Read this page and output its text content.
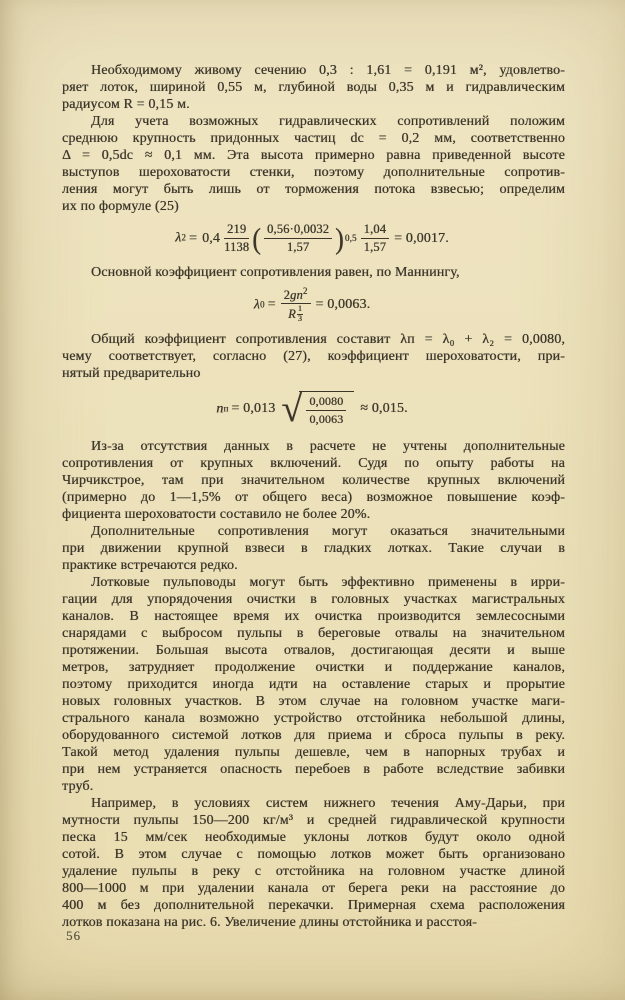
Необходимому живому сечению 0,3 : 1,61 = 0,191 м², удовлетво-
ряет лоток, шириной 0,55 м, глубиной воды 0,35 м и гидравлическим
радиусом R = 0,15 м.
Для учета возможных гидравлических сопротивлений положим
среднюю крупность придонных частиц dс = 0,2 мм, соответственно
Δ = 0,5dс ≈ 0,1 мм. Эта высота примерно равна приведенной высоте
выступов шероховатости стенки, поэтому дополнительные сопротив-
ления могут быть лишь от торможения потока взвесью; определим
их по формуле (25)
$\lambda 2 = 0,4 \frac{219}{1138}$ ( $\frac{0,56\cdot 0,0032}{1,57} )0,5 \frac{1,04}{1,57} = 0,0017$.
Основной коэффициент сопротивления равен, по Маннингу,
$\lambda 0 = \frac{2gn^2}{R \frac{1}{3}} = 0,0063$.
Общий коэффициент сопротивления составит λп = λ₀ + λ₂ = 0,0080,
чему соответствует, согласно (27), коэффициент шероховатости, при-
нятый предварительно
nп = 0,013 √ $\frac{0,0080}{0,0063} \approx 0,015$.
Из-за отсутствия данных в расчете не учтены дополнительные
сопротивления от крупных включений. Судя по опыту работы на
Чирчикстрое, там при значительном количестве крупных включений
(примерно до 1—1,5% от общего веса) возможное повышение коэф-
фициента шероховатости составило не более 20%.
Дополнительные сопротивления могут оказаться значительными
при движении крупной взвеси в гладких лотках. Такие случаи в
практике встречаются редко.
Лотковые пульповоды могут быть эффективно применены в ирри-
гации для упорядочения очистки в головных участках магистральных
каналов. В настоящее время их очистка производится землесосными
снарядами с выбросом пульпы в береговые отвалы на значительном
протяжении. Большая высота отвалов, достигающая десяти и выше
метров, затрудняет продолжение очистки и поддержание каналов,
поэтому приходится иногда идти на оставление старых и прорытие
новых головных участков. В этом случае на головном участке маги-
стрального канала возможно устройство отстойника небольшой длины,
оборудованного системой лотков для приема и сброса пульпы в реку.
Такой метод удаления пульпы дешевле, чем в напорных трубах и
при нем устраняется опасность перебоев в работе вследствие забивки
труб.
Например, в условиях систем нижнего течения Аму-Дарьи, при
мутности пульпы 150—200 кг/м³ и средней гидравлической крупности
песка 15 мм/сек необходимые уклоны лотков будут около одной
сотой. В этом случае с помощью лотков может быть организовано
удаление пульпы в реку с отстойника на головном участке длиной
800—1000 м при удалении канала от берега реки на расстояние до
400 м без дополнительной перекачки. Примерная схема расположения
лотков показана на рис. 6. Увеличение длины отстойника и расстоя-
56
